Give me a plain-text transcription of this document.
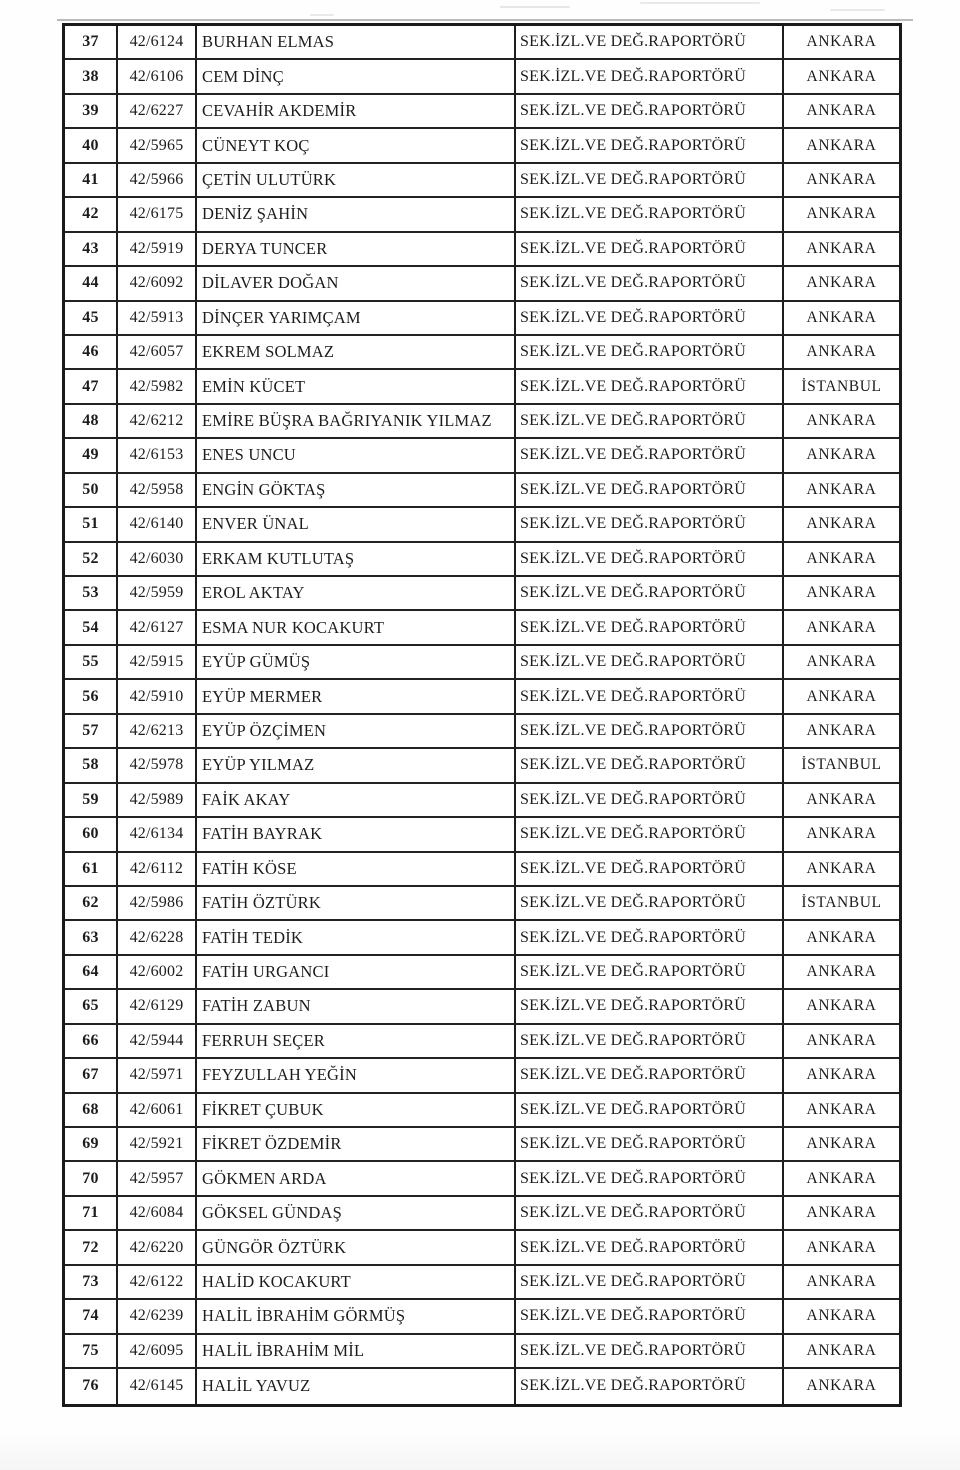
37	42/6124	BURHAN ELMAS	SEK.İZL.VE DEĞ.RAPORTÖRÜ	ANKARA
38	42/6106	CEM DİNÇ	SEK.İZL.VE DEĞ.RAPORTÖRÜ	ANKARA
39	42/6227	CEVAHİR AKDEMİR	SEK.İZL.VE DEĞ.RAPORTÖRÜ	ANKARA
40	42/5965	CÜNEYT KOÇ	SEK.İZL.VE DEĞ.RAPORTÖRÜ	ANKARA
41	42/5966	ÇETİN ULUTÜRK	SEK.İZL.VE DEĞ.RAPORTÖRÜ	ANKARA
42	42/6175	DENİZ ŞAHİN	SEK.İZL.VE DEĞ.RAPORTÖRÜ	ANKARA
43	42/5919	DERYA TUNCER	SEK.İZL.VE DEĞ.RAPORTÖRÜ	ANKARA
44	42/6092	DİLAVER DOĞAN	SEK.İZL.VE DEĞ.RAPORTÖRÜ	ANKARA
45	42/5913	DİNÇER YARIMÇAM	SEK.İZL.VE DEĞ.RAPORTÖRÜ	ANKARA
46	42/6057	EKREM SOLMAZ	SEK.İZL.VE DEĞ.RAPORTÖRÜ	ANKARA
47	42/5982	EMİN KÜCET	SEK.İZL.VE DEĞ.RAPORTÖRÜ	İSTANBUL
48	42/6212	EMİRE BÜŞRA BAĞRIYANIK YILMAZ	SEK.İZL.VE DEĞ.RAPORTÖRÜ	ANKARA
49	42/6153	ENES UNCU	SEK.İZL.VE DEĞ.RAPORTÖRÜ	ANKARA
50	42/5958	ENGİN GÖKTAŞ	SEK.İZL.VE DEĞ.RAPORTÖRÜ	ANKARA
51	42/6140	ENVER ÜNAL	SEK.İZL.VE DEĞ.RAPORTÖRÜ	ANKARA
52	42/6030	ERKAM KUTLUTAŞ	SEK.İZL.VE DEĞ.RAPORTÖRÜ	ANKARA
53	42/5959	EROL AKTAY	SEK.İZL.VE DEĞ.RAPORTÖRÜ	ANKARA
54	42/6127	ESMA NUR KOCAKURT	SEK.İZL.VE DEĞ.RAPORTÖRÜ	ANKARA
55	42/5915	EYÜP GÜMÜŞ	SEK.İZL.VE DEĞ.RAPORTÖRÜ	ANKARA
56	42/5910	EYÜP MERMER	SEK.İZL.VE DEĞ.RAPORTÖRÜ	ANKARA
57	42/6213	EYÜP ÖZÇİMEN	SEK.İZL.VE DEĞ.RAPORTÖRÜ	ANKARA
58	42/5978	EYÜP YILMAZ	SEK.İZL.VE DEĞ.RAPORTÖRÜ	İSTANBUL
59	42/5989	FAİK AKAY	SEK.İZL.VE DEĞ.RAPORTÖRÜ	ANKARA
60	42/6134	FATİH BAYRAK	SEK.İZL.VE DEĞ.RAPORTÖRÜ	ANKARA
61	42/6112	FATİH KÖSE	SEK.İZL.VE DEĞ.RAPORTÖRÜ	ANKARA
62	42/5986	FATİH ÖZTÜRK	SEK.İZL.VE DEĞ.RAPORTÖRÜ	İSTANBUL
63	42/6228	FATİH TEDİK	SEK.İZL.VE DEĞ.RAPORTÖRÜ	ANKARA
64	42/6002	FATİH URGANCI	SEK.İZL.VE DEĞ.RAPORTÖRÜ	ANKARA
65	42/6129	FATİH ZABUN	SEK.İZL.VE DEĞ.RAPORTÖRÜ	ANKARA
66	42/5944	FERRUH SEÇER	SEK.İZL.VE DEĞ.RAPORTÖRÜ	ANKARA
67	42/5971	FEYZULLAH YEĞİN	SEK.İZL.VE DEĞ.RAPORTÖRÜ	ANKARA
68	42/6061	FİKRET ÇUBUK	SEK.İZL.VE DEĞ.RAPORTÖRÜ	ANKARA
69	42/5921	FİKRET ÖZDEMİR	SEK.İZL.VE DEĞ.RAPORTÖRÜ	ANKARA
70	42/5957	GÖKMEN ARDA	SEK.İZL.VE DEĞ.RAPORTÖRÜ	ANKARA
71	42/6084	GÖKSEL GÜNDAŞ	SEK.İZL.VE DEĞ.RAPORTÖRÜ	ANKARA
72	42/6220	GÜNGÖR ÖZTÜRK	SEK.İZL.VE DEĞ.RAPORTÖRÜ	ANKARA
73	42/6122	HALİD KOCAKURT	SEK.İZL.VE DEĞ.RAPORTÖRÜ	ANKARA
74	42/6239	HALİL İBRAHİM GÖRMÜŞ	SEK.İZL.VE DEĞ.RAPORTÖRÜ	ANKARA
75	42/6095	HALİL İBRAHİM MİL	SEK.İZL.VE DEĞ.RAPORTÖRÜ	ANKARA
76	42/6145	HALİL YAVUZ	SEK.İZL.VE DEĞ.RAPORTÖRÜ	ANKARA
